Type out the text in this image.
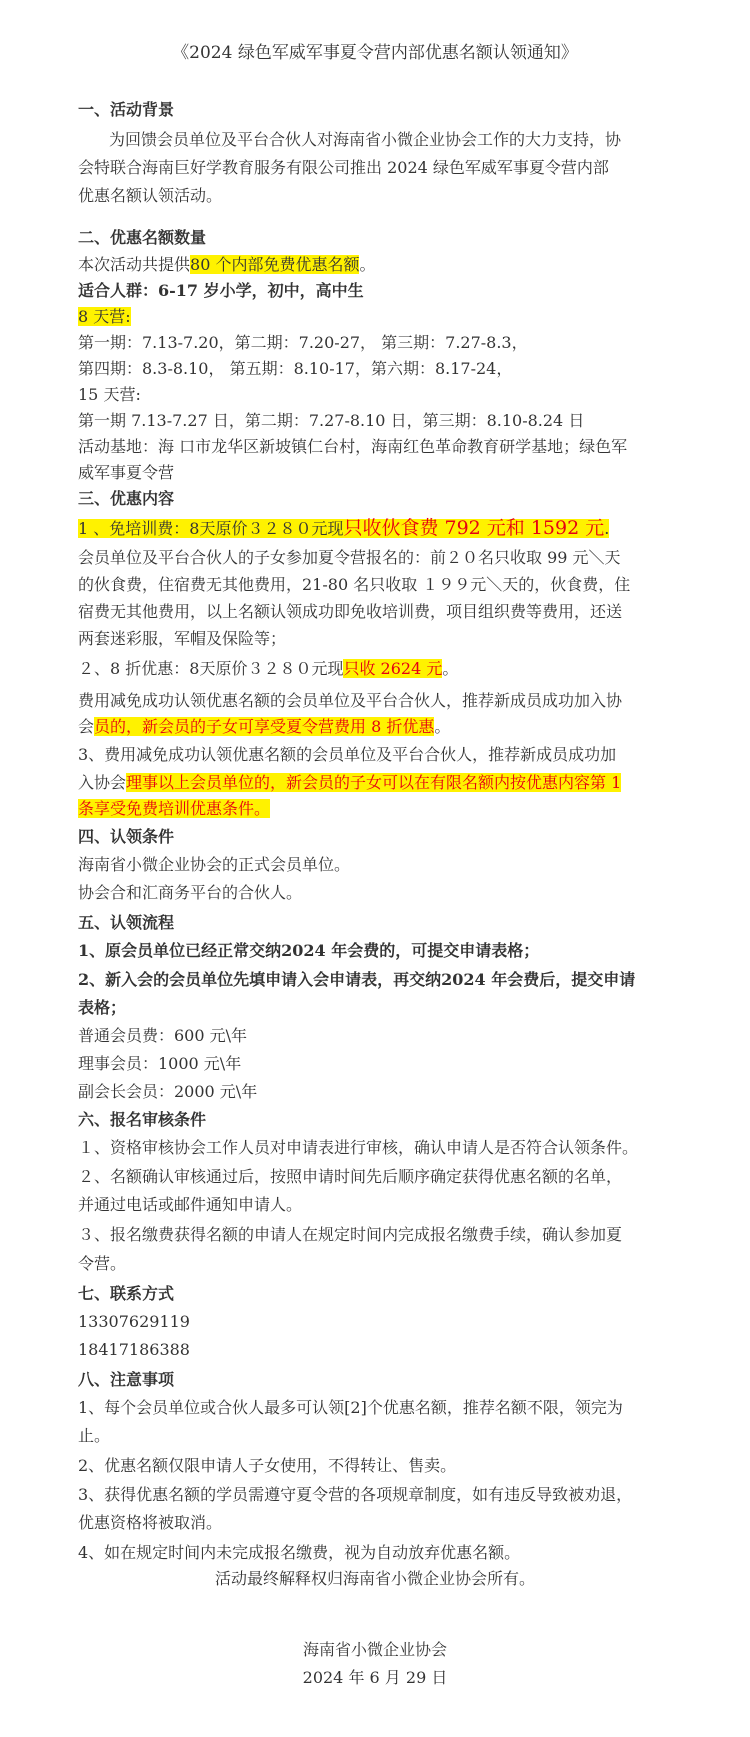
《2024 绿色军威军事夏令营内部优惠名额认领通知》
一、活动背景
为回馈会员单位及平台合伙人对海南省小微企业协会工作的大力支持，协
会特联合海南巨好学教育服务有限公司推出 2024 绿色军威军事夏令营内部
优惠名额认领活动。
二、优惠名额数量
本次活动共提供80 个内部免费优惠名额。
适合人群：6-17 岁小学，初中，高中生
8 天营:
第一期：7.13-7.20，第二期：7.20-27， 第三期：7.27-8.3，
第四期：8.3-8.10， 第五期：8.10-17，第六期：8.17-24，
15 天营:
第一期 7.13-7.27 日，第二期：7.27-8.10 日，第三期：8.10-8.24 日
活动基地：海 口市龙华区新坡镇仁台村，海南红色革命教育研学基地；绿色军
威军事夏令营
三、优惠内容
1 、免培训费：8天原价３２８０元现只收伙食费 792 元和 1592 元.
会员单位及平台合伙人的子女参加夏令营报名的：前２０名只收取 99 元＼天
的伙食费，住宿费无其他费用，21-80 名只收取 １９９元＼天的，伙食费，住
宿费无其他费用，以上名额认领成功即免收培训费，项目组织费等费用，还送
两套迷彩服，军帽及保险等；
２、8 折优惠：8天原价３２８０元现只收 2624 元。
费用减免成功认领优惠名额的会员单位及平台合伙人，推荐新成员成功加入协
会员的，新会员的子女可享受夏令营费用 8 折优惠。
3、费用减免成功认领优惠名额的会员单位及平台合伙人，推荐新成员成功加
入协会理事以上会员单位的，新会员的子女可以在有限名额内按优惠内容第 1
条享受免费培训优惠条件。
四、认领条件
海南省小微企业协会的正式会员单位。
协会合和汇商务平台的合伙人。
五、认领流程
1、原会员单位已经正常交纳2024 年会费的，可提交申请表格；
2、新入会的会员单位先填申请入会申请表，再交纳2024 年会费后，提交申请
表格；
普通会员费：600 元\年
理事会员：1000 元\年
副会长会员：2000 元\年
六、报名审核条件
１、资格审核协会工作人员对申请表进行审核，确认申请人是否符合认领条件。
２、名额确认审核通过后，按照申请时间先后顺序确定获得优惠名额的名单，
并通过电话或邮件通知申请人。
３、报名缴费获得名额的申请人在规定时间内完成报名缴费手续，确认参加夏
令营。
七、联系方式
13307629119
18417186388
八、注意事项
1、每个会员单位或合伙人最多可认领[2]个优惠名额，推荐名额不限，领完为
止。
2、优惠名额仅限申请人子女使用，不得转让、售卖。
3、获得优惠名额的学员需遵守夏令营的各项规章制度，如有违反导致被劝退，
优惠资格将被取消。
4、如在规定时间内未完成报名缴费，视为自动放弃优惠名额。
活动最终解释权归海南省小微企业协会所有。
海南省小微企业协会
2024 年 6 月 29 日
